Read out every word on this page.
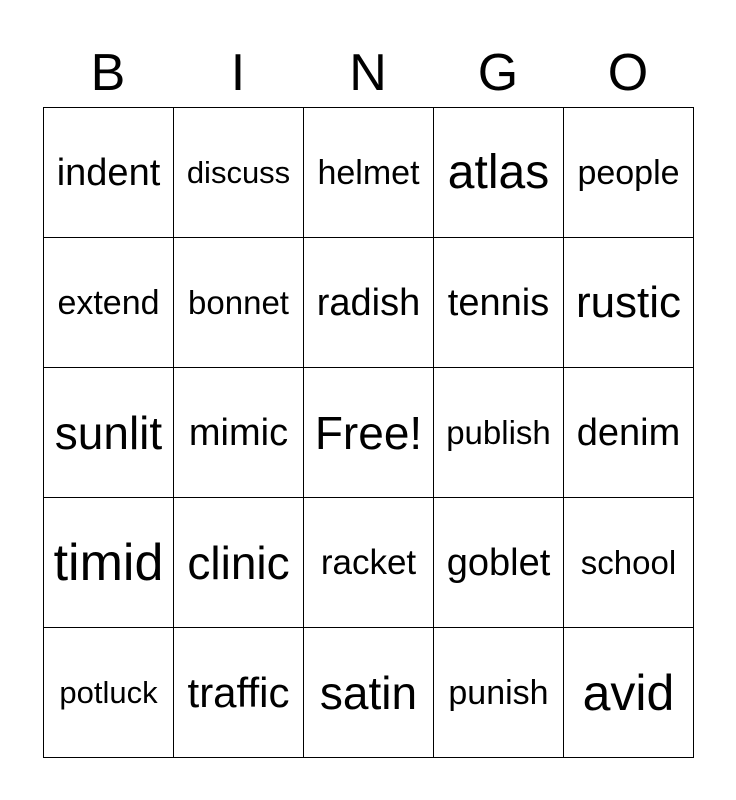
B	I	N	G	O
indent discuss helmet atlas people
extend bonnet radish tennis rustic
sunlit mimic Free! publish denim
timid clinic racket goblet school
potluck traffic satin punish avid
